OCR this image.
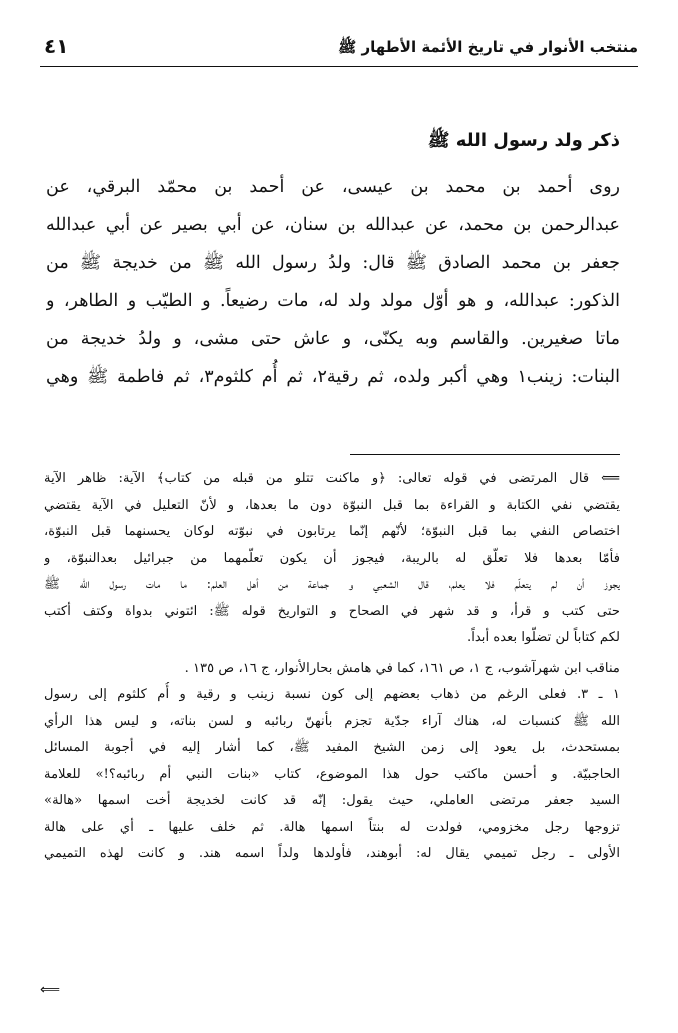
منتخب الأنوار في تاريخ الأئمة الأطهار ﷺ
٤١
ذكر ولد رسول الله ﷺ
روى أحمد بن محمد بن عيسى، عن أحمد بن محمّد البرقي، عن
عبدالرحمن بن محمد، عن عبدالله بن سنان، عن أبي بصير عن أبي عبدالله
جعفر بن محمد الصادق ﷺ قال: ولدُ رسول الله ﷺ من خديجة ﷺ من
الذكور: عبدالله، و هو أوّل مولد ولد له، مات رضيعاً. و الطيّب و الطاهر، و
ماتا صغيرين. والقاسم وبه يكنّى، و عاش حتى مشى، و ولدُ خديجة من
البنات: زينب١ وهي أكبر ولده، ثم رقية٢، ثم أُم كلثوم٣، ثم فاطمة ﷺ وهي
⟸ قال المرتضى في قوله تعالى: ﴿و ماكنت تتلو من قبله من كتاب﴾ الآية: ظاهر الآية
يقتضي نفي الكتابة و القراءة بما قبل النبوّة دون ما بعدها، و لأنّ التعليل في الآية يقتضي
اختصاص النفي بما قبل النبوّة؛ لأنّهم إنّما يرتابون في نبوّته لوكان يحسنهما قبل النبوّة،
فأمّا بعدها فلا تعلّق له بالريبة، فيجوز أن يكون تعلّمهما من جبرائيل بعدالنبوّة، و
يجوز أن لم يتعلّم فلا يعلم، قال الشعبي و جماعة من أهل العلم: ما مات رسول الله ﷺ
حتى كتب و قرأ، و قد شهر في الصحاح و التواريخ قوله ﷺ: ائتوني بدواة وكتف أكتب
لكم كتاباً لن تضلّوا بعده أبداً.
مناقب ابن شهرآشوب، ج ١، ص ١٦١، كما في هامش بحارالأنوار، ج ١٦، ص ١٣٥ .
١ ـ ٣. فعلى الرغم من ذهاب بعضهم إلى كون نسبة زينب و رقية و أُم كلثوم إلى رسول
الله ﷺ كنسبات له، هناك آراء جدّية تجزم بأنهنّ ربائبه و لسن بناته، و ليس هذا الرأي
بمستحدث، بل يعود إلى زمن الشيخ المفيد ﷺ، كما أشار إليه في أجوبة المسائل
الحاجبيّة. و أحسن ماكتب حول هذا الموضوع، كتاب «بنات النبي أم ربائبه؟!» للعلامة
السيد جعفر مرتضى العاملي، حيث يقول: إنّه قد كانت لخديجة أخت اسمها «هالة»
تزوجها رجل مخزومي، فولدت له بنتاً اسمها هالة. ثم خلف عليها ـ أي على هالة
الأولى ـ رجل تميمي يقال له: أبوهند، فأولدها ولداً اسمه هند. و كانت لهذه التميمي
⟸
